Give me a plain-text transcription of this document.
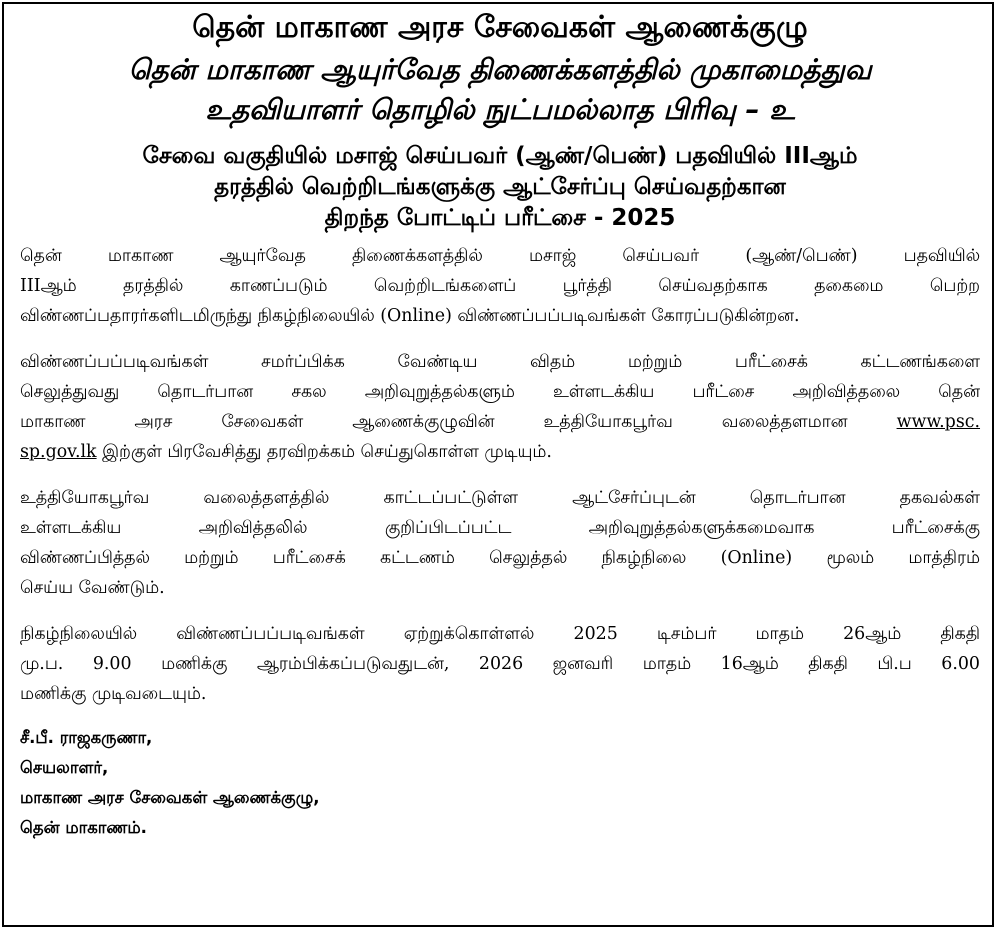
தென் மாகாண அரச சேவைகள் ஆணைக்குழு

தென் மாகாண ஆயுர்வேத திணைக்களத்தில் முகாமைத்துவ

உதவியாளர் தொழில் நுட்பமல்லாத பிரிவு – உ

சேவை வகுதியில் மசாஜ் செய்பவர் (ஆண்/பெண்) பதவியில் IIIஆம்

தரத்தில் வெற்றிடங்களுக்கு ஆட்சேர்ப்பு செய்வதற்கான

திறந்த போட்டிப் பரீட்சை - 2025

தென் மாகாண ஆயுர்வேத திணைக்களத்தில் மசாஜ் செய்பவர் (ஆண்/பெண்) பதவியில்
IIIஆம் தரத்தில் காணப்படும் வெற்றிடங்களைப் பூர்த்தி செய்வதற்காக தகைமை பெற்ற
விண்ணப்பதாரர்களிடமிருந்து நிகழ்நிலையில் (Online) விண்ணப்பப்படிவங்கள் கோரப்படுகின்றன.
விண்ணப்பப்படிவங்கள் சமர்ப்பிக்க வேண்டிய விதம் மற்றும் பரீட்சைக் கட்டணங்களை
செலுத்துவது தொடர்பான சகல அறிவுறுத்தல்களும் உள்ளடக்கிய பரீட்சை அறிவித்தலை தென்
மாகாண அரச சேவைகள் ஆணைக்குழுவின் உத்தியோகபூர்வ வலைத்தளமான	www.psc.
sp.gov.lk இற்குள் பிரவேசித்து தரவிறக்கம் செய்துகொள்ள முடியும்.
உத்தியோகபூர்வ வலைத்தளத்தில் காட்டப்பட்டுள்ள ஆட்சேர்ப்புடன் தொடர்பான தகவல்கள்
உள்ளடக்கிய அறிவித்தலில் குறிப்பிடப்பட்ட அறிவுறுத்தல்களுக்கமைவாக பரீட்சைக்கு
விண்ணப்பித்தல் மற்றும் பரீட்சைக் கட்டணம் செலுத்தல் நிகழ்நிலை (Online) மூலம் மாத்திரம்
செய்ய வேண்டும்.
நிகழ்நிலையில் விண்ணப்பப்படிவங்கள் ஏற்றுக்கொள்ளல் 2025 டிசம்பர் மாதம் 26ஆம் திகதி
மு.ப. 9.00 மணிக்கு ஆரம்பிக்கப்படுவதுடன், 2026 ஜனவரி மாதம் 16ஆம் திகதி பி.ப 6.00
மணிக்கு முடிவடையும்.
சீ.பீ. ராஜகருணா,
செயலாளர்,
மாகாண அரச சேவைகள் ஆணைக்குழு,
தென் மாகாணம்.
